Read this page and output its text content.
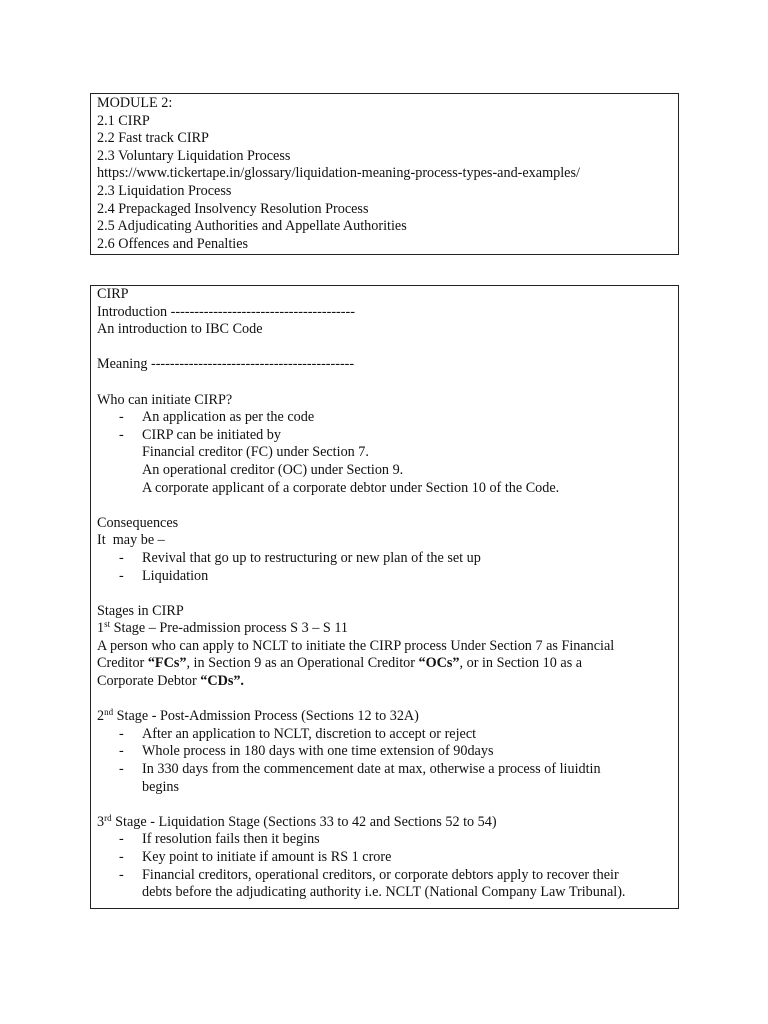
MODULE 2:
2.1 CIRP
2.2 Fast track CIRP
2.3 Voluntary Liquidation Process
https://www.tickertape.in/glossary/liquidation-meaning-process-types-and-examples/
2.3 Liquidation Process
2.4 Prepackaged Insolvency Resolution Process
2.5 Adjudicating Authorities and Appellate Authorities
2.6 Offences and Penalties
CIRP
Introduction ---------------------------------------
An introduction to IBC Code
Meaning -------------------------------------------
Who can initiate CIRP?
- An application as per the code
- CIRP can be initiated by
Financial creditor (FC) under Section 7.
An operational creditor (OC) under Section 9.
A corporate applicant of a corporate debtor under Section 10 of the Code.
Consequences
It  may be –
- Revival that go up to restructuring or new plan of the set up
- Liquidation
Stages in CIRP
1st Stage – Pre-admission process S 3 – S 11
A person who can apply to NCLT to initiate the CIRP process Under Section 7 as Financial
Creditor “FCs”, in Section 9 as an Operational Creditor “OCs”, or in Section 10 as a
Corporate Debtor “CDs”.
2nd Stage - Post-Admission Process (Sections 12 to 32A)
- After an application to NCLT, discretion to accept or reject
- Whole process in 180 days with one time extension of 90days
- In 330 days from the commencement date at max, otherwise a process of liuidtin
begins
3rd Stage - Liquidation Stage (Sections 33 to 42 and Sections 52 to 54)
- If resolution fails then it begins
- Key point to initiate if amount is RS 1 crore
- Financial creditors, operational creditors, or corporate debtors apply to recover their
debts before the adjudicating authority i.e. NCLT (National Company Law Tribunal).
